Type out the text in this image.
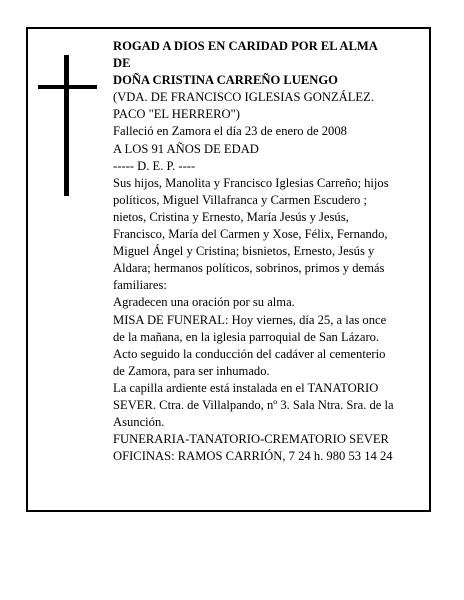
ROGAD A DIOS EN CARIDAD POR EL ALMA
DE
DOÑA CRISTINA CARREÑO LUENGO
(VDA. DE FRANCISCO IGLESIAS GONZÁLEZ.
PACO "EL HERRERO")
Falleció en Zamora el día 23 de enero de 2008
A LOS 91 AÑOS DE EDAD
----- D. E. P. ----
Sus hijos, Manolita y Francisco Iglesias Carreño; hijos
políticos, Miguel Villafranca y Carmen Escudero ;
nietos, Cristina y Ernesto, María Jesús y Jesús,
Francisco, María del Carmen y Xose, Félix, Fernando,
Miguel Ángel y Cristina; bisnietos, Ernesto, Jesús y
Aldara; hermanos políticos, sobrinos, primos y demás
familiares:
Agradecen una oración por su alma.
MISA DE FUNERAL: Hoy viernes, día 25, a las once
de la mañana, en la iglesia parroquial de San Lázaro.
Acto seguido la conducción del cadáver al cementerio
de Zamora, para ser inhumado.
La capilla ardiente está instalada en el TANATORIO
SEVER. Ctra. de Villalpando, nº 3. Sala Ntra. Sra. de la
Asunción.
FUNERARIA-TANATORIO-CREMATORIO SEVER
OFICINAS: RAMOS CARRIÓN, 7 24 h. 980 53 14 24
